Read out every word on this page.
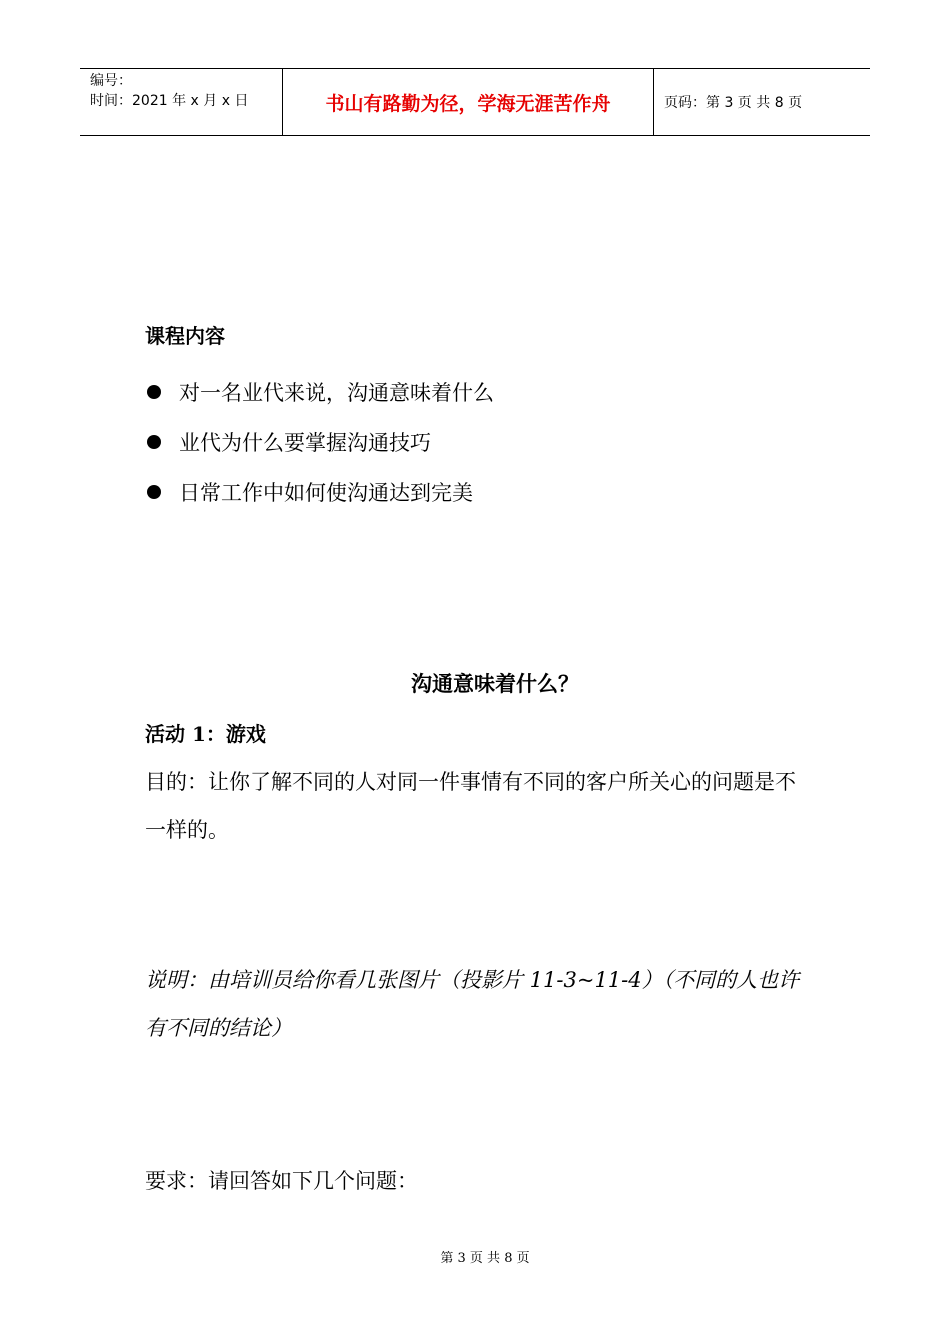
编号：
时间：2021 年 x 月 x 日	书山有路勤为径，学海无涯苦作舟	页码：第 3 页 共 8 页
课程内容
对一名业代来说，沟通意味着什么
业代为什么要掌握沟通技巧
日常工作中如何使沟通达到完美
沟通意味着什么？
活动 1：游戏
目的：让你了解不同的人对同一件事情有不同的客户所关心的问题是不一样的。
说明：由培训员给你看几张图片（投影片 11-3~11-4）（不同的人也许有不同的结论）
要求：请回答如下几个问题：
第 3 页 共 8 页
